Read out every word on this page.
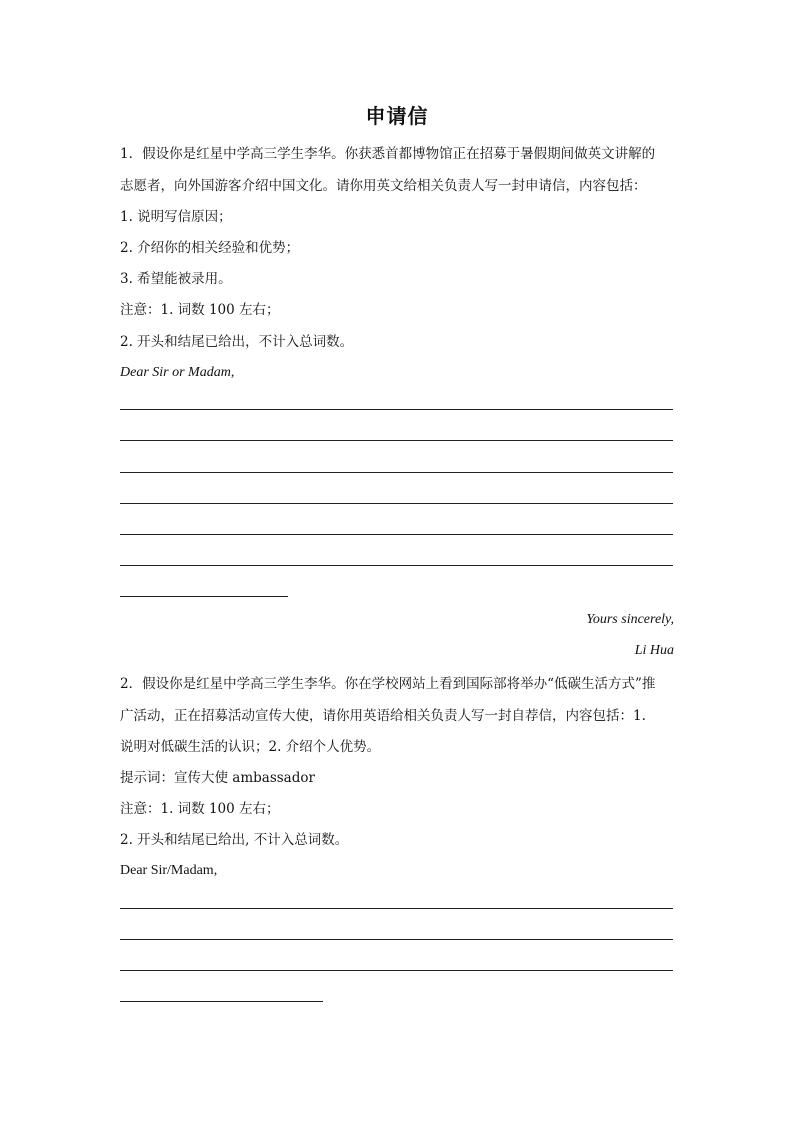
申请信
1．假设你是红星中学高三学生李华。你获悉首都博物馆正在招募于暑假期间做英文讲解的
志愿者，向外国游客介绍中国文化。请你用英文给相关负责人写一封申请信，内容包括：
1. 说明写信原因；
2. 介绍你的相关经验和优势；
3. 希望能被录用。
注意：1. 词数 100 左右；
2. 开头和结尾已给出，不计入总词数。
Dear Sir or Madam,
Yours sincerely,
Li Hua
2．假设你是红星中学高三学生李华。你在学校网站上看到国际部将举办“低碳生活方式”推
广活动，正在招募活动宣传大使，请你用英语给相关负责人写一封自荐信，内容包括：1.
说明对低碳生活的认识；2. 介绍个人优势。
提示词：宣传大使 ambassador
注意：1. 词数 100 左右；
2. 开头和结尾已给出, 不计入总词数。
Dear Sir/Madam,
